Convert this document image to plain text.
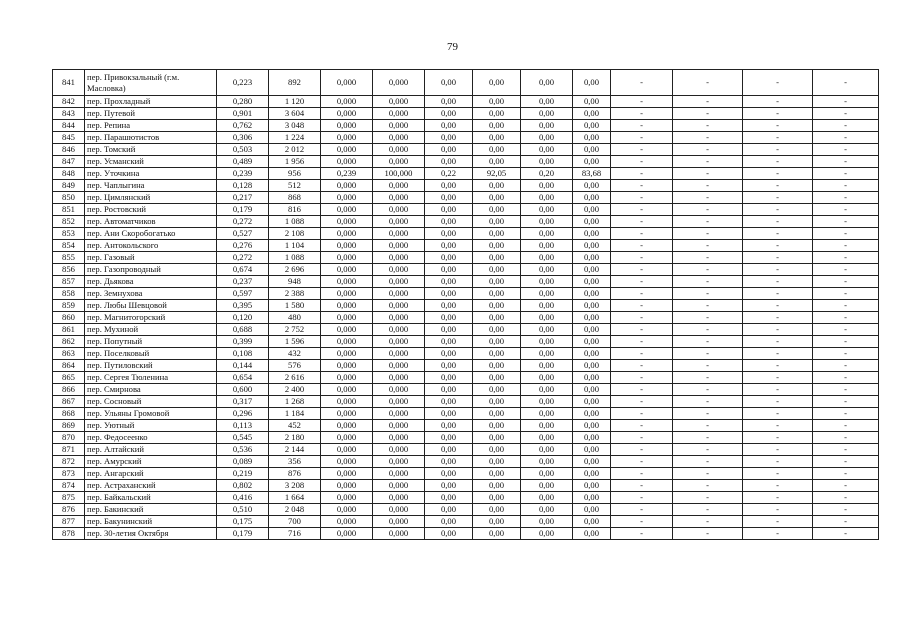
79
841	пер. Привокзальный (г.м. Масловка)	0,223	892	0,000	0,000	0,00	0,00	0,00	0,00	-	-	-	-
842	пер. Прохладный	0,280	1 120	0,000	0,000	0,00	0,00	0,00	0,00	-	-	-	-
843	пер. Путевой	0,901	3 604	0,000	0,000	0,00	0,00	0,00	0,00	-	-	-	-
844	пер. Репина	0,762	3 048	0,000	0,000	0,00	0,00	0,00	0,00	-	-	-	-
845	пер. Парашютистов	0,306	1 224	0,000	0,000	0,00	0,00	0,00	0,00	-	-	-	-
846	пер. Томский	0,503	2 012	0,000	0,000	0,00	0,00	0,00	0,00	-	-	-	-
847	пер. Усманский	0,489	1 956	0,000	0,000	0,00	0,00	0,00	0,00	-	-	-	-
848	пер. Уточкина	0,239	956	0,239	100,000	0,22	92,05	0,20	83,68	-	-	-	-
849	пер. Чаплыгина	0,128	512	0,000	0,000	0,00	0,00	0,00	0,00	-	-	-	-
850	пер. Цимлянский	0,217	868	0,000	0,000	0,00	0,00	0,00	0,00	-	-	-	-
851	пер. Ростовский	0,179	816	0,000	0,000	0,00	0,00	0,00	0,00	-	-	-	-
852	пер. Автоматчиков	0,272	1 088	0,000	0,000	0,00	0,00	0,00	0,00	-	-	-	-
853	пер. Ани Скоробогатько	0,527	2 108	0,000	0,000	0,00	0,00	0,00	0,00	-	-	-	-
854	пер. Антокольского	0,276	1 104	0,000	0,000	0,00	0,00	0,00	0,00	-	-	-	-
855	пер. Газовый	0,272	1 088	0,000	0,000	0,00	0,00	0,00	0,00	-	-	-	-
856	пер. Газопроводный	0,674	2 696	0,000	0,000	0,00	0,00	0,00	0,00	-	-	-	-
857	пер. Дьякова	0,237	948	0,000	0,000	0,00	0,00	0,00	0,00	-	-	-	-
858	пер. Земнухова	0,597	2 388	0,000	0,000	0,00	0,00	0,00	0,00	-	-	-	-
859	пер. Любы Шевцовой	0,395	1 580	0,000	0,000	0,00	0,00	0,00	0,00	-	-	-	-
860	пер. Магнитогорский	0,120	480	0,000	0,000	0,00	0,00	0,00	0,00	-	-	-	-
861	пер. Мухиной	0,688	2 752	0,000	0,000	0,00	0,00	0,00	0,00	-	-	-	-
862	пер. Попутный	0,399	1 596	0,000	0,000	0,00	0,00	0,00	0,00	-	-	-	-
863	пер. Поселковый	0,108	432	0,000	0,000	0,00	0,00	0,00	0,00	-	-	-	-
864	пер. Путиловский	0,144	576	0,000	0,000	0,00	0,00	0,00	0,00	-	-	-	-
865	пер. Сергея Тюленина	0,654	2 616	0,000	0,000	0,00	0,00	0,00	0,00	-	-	-	-
866	пер. Смирнова	0,600	2 400	0,000	0,000	0,00	0,00	0,00	0,00	-	-	-	-
867	пер. Сосновый	0,317	1 268	0,000	0,000	0,00	0,00	0,00	0,00	-	-	-	-
868	пер. Ульяны Громовой	0,296	1 184	0,000	0,000	0,00	0,00	0,00	0,00	-	-	-	-
869	пер. Уютный	0,113	452	0,000	0,000	0,00	0,00	0,00	0,00	-	-	-	-
870	пер. Федосеенко	0,545	2 180	0,000	0,000	0,00	0,00	0,00	0,00	-	-	-	-
871	пер. Алтайский	0,536	2 144	0,000	0,000	0,00	0,00	0,00	0,00	-	-	-	-
872	пер. Амурский	0,089	356	0,000	0,000	0,00	0,00	0,00	0,00	-	-	-	-
873	пер. Ангарский	0,219	876	0,000	0,000	0,00	0,00	0,00	0,00	-	-	-	-
874	пер. Астраханский	0,802	3 208	0,000	0,000	0,00	0,00	0,00	0,00	-	-	-	-
875	пер. Байкальский	0,416	1 664	0,000	0,000	0,00	0,00	0,00	0,00	-	-	-	-
876	пер. Бакинский	0,510	2 048	0,000	0,000	0,00	0,00	0,00	0,00	-	-	-	-
877	пер. Бакунинский	0,175	700	0,000	0,000	0,00	0,00	0,00	0,00	-	-	-	-
878	пер. 30-летия Октября	0,179	716	0,000	0,000	0,00	0,00	0,00	0,00	-	-	-	-
